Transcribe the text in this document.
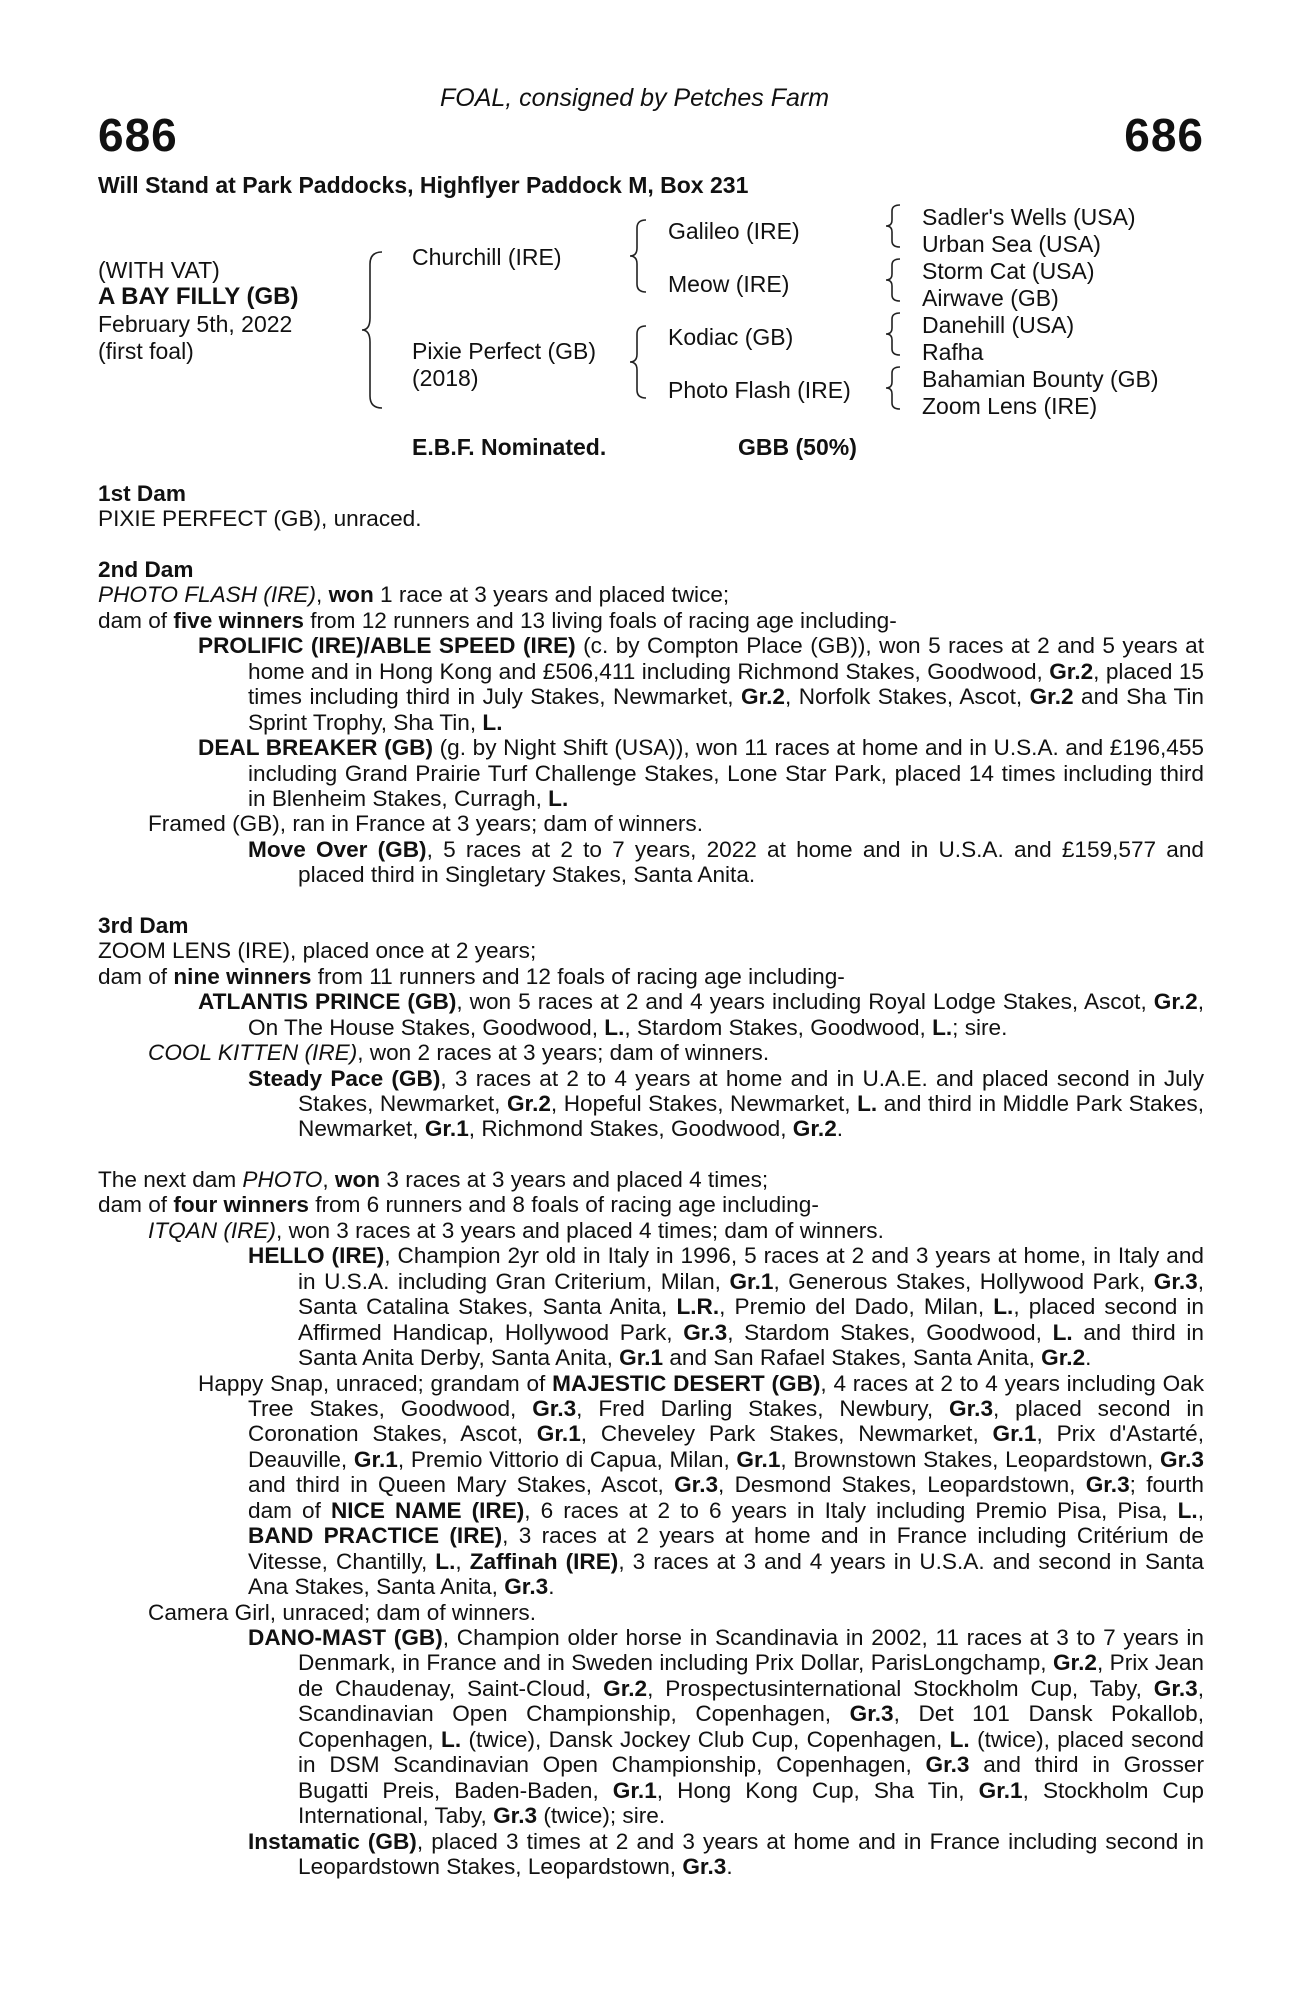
FOAL, consigned by Petches Farm
686	686
Will Stand at Park Paddocks, Highflyer Paddock M, Box 231
(WITH VAT)
A BAY FILLY (GB)
February 5th, 2022
(first foal)
Churchill (IRE)
Pixie Perfect (GB)
(2018)
Galileo (IRE)
Meow (IRE)
Kodiac (GB)
Photo Flash (IRE)
Sadler's Wells (USA)
Urban Sea (USA)
Storm Cat (USA)
Airwave (GB)
Danehill (USA)
Rafha
Bahamian Bounty (GB)
Zoom Lens (IRE)
E.B.F. Nominated.	GBB (50%)
1st Dam

PIXIE PERFECT (GB), unraced.

2nd Dam

PHOTO FLASH (IRE), won 1 race at 3 years and placed twice;

dam of five winners from 12 runners and 13 living foals of racing age including-

PROLIFIC (IRE)/ABLE SPEED (IRE) (c. by Compton Place (GB)), won 5 races at 2 and 5 years at home and in Hong Kong and £506,411 including Richmond Stakes, Goodwood, Gr.2, placed 15 times including third in July Stakes, Newmarket, Gr.2, Norfolk Stakes, Ascot, Gr.2 and Sha Tin Sprint Trophy, Sha Tin, L.

DEAL BREAKER (GB) (g. by Night Shift (USA)), won 11 races at home and in U.S.A. and £196,455 including Grand Prairie Turf Challenge Stakes, Lone Star Park, placed 14 times including third in Blenheim Stakes, Curragh, L.

Framed (GB), ran in France at 3 years; dam of winners.

Move Over (GB), 5 races at 2 to 7 years, 2022 at home and in U.S.A. and £159,577 and placed third in Singletary Stakes, Santa Anita.

3rd Dam

ZOOM LENS (IRE), placed once at 2 years;

dam of nine winners from 11 runners and 12 foals of racing age including-

ATLANTIS PRINCE (GB), won 5 races at 2 and 4 years including Royal Lodge Stakes, Ascot, Gr.2, On The House Stakes, Goodwood, L., Stardom Stakes, Goodwood, L.; sire.

COOL KITTEN (IRE), won 2 races at 3 years; dam of winners.

Steady Pace (GB), 3 races at 2 to 4 years at home and in U.A.E. and placed second in July Stakes, Newmarket, Gr.2, Hopeful Stakes, Newmarket, L. and third in Middle Park Stakes, Newmarket, Gr.1, Richmond Stakes, Goodwood, Gr.2.

The next dam PHOTO, won 3 races at 3 years and placed 4 times;

dam of four winners from 6 runners and 8 foals of racing age including-

ITQAN (IRE), won 3 races at 3 years and placed 4 times; dam of winners.

HELLO (IRE), Champion 2yr old in Italy in 1996, 5 races at 2 and 3 years at home, in Italy and in U.S.A. including Gran Criterium, Milan, Gr.1, Generous Stakes, Hollywood Park, Gr.3, Santa Catalina Stakes, Santa Anita, L.R., Premio del Dado, Milan, L., placed second in Affirmed Handicap, Hollywood Park, Gr.3, Stardom Stakes, Goodwood, L. and third in Santa Anita Derby, Santa Anita, Gr.1 and San Rafael Stakes, Santa Anita, Gr.2.

Happy Snap, unraced; grandam of MAJESTIC DESERT (GB), 4 races at 2 to 4 years including Oak Tree Stakes, Goodwood, Gr.3, Fred Darling Stakes, Newbury, Gr.3, placed second in Coronation Stakes, Ascot, Gr.1, Cheveley Park Stakes, Newmarket, Gr.1, Prix d'Astarté, Deauville, Gr.1, Premio Vittorio di Capua, Milan, Gr.1, Brownstown Stakes, Leopardstown, Gr.3 and third in Queen Mary Stakes, Ascot, Gr.3, Desmond Stakes, Leopardstown, Gr.3; fourth dam of NICE NAME (IRE), 6 races at 2 to 6 years in Italy including Premio Pisa, Pisa, L., BAND PRACTICE (IRE), 3 races at 2 years at home and in France including Critérium de Vitesse, Chantilly, L., Zaffinah (IRE), 3 races at 3 and 4 years in U.S.A. and second in Santa Ana Stakes, Santa Anita, Gr.3.

Camera Girl, unraced; dam of winners.

DANO-MAST (GB), Champion older horse in Scandinavia in 2002, 11 races at 3 to 7 years in Denmark, in France and in Sweden including Prix Dollar, ParisLongchamp, Gr.2, Prix Jean de Chaudenay, Saint-Cloud, Gr.2, Prospectusinternational Stockholm Cup, Taby, Gr.3, Scandinavian Open Championship, Copenhagen, Gr.3, Det 101 Dansk Pokallob, Copenhagen, L. (twice), Dansk Jockey Club Cup, Copenhagen, L. (twice), placed second in DSM Scandinavian Open Championship, Copenhagen, Gr.3 and third in Grosser Bugatti Preis, Baden-Baden, Gr.1, Hong Kong Cup, Sha Tin, Gr.1, Stockholm Cup International, Taby, Gr.3 (twice); sire.

Instamatic (GB), placed 3 times at 2 and 3 years at home and in France including second in Leopardstown Stakes, Leopardstown, Gr.3.
